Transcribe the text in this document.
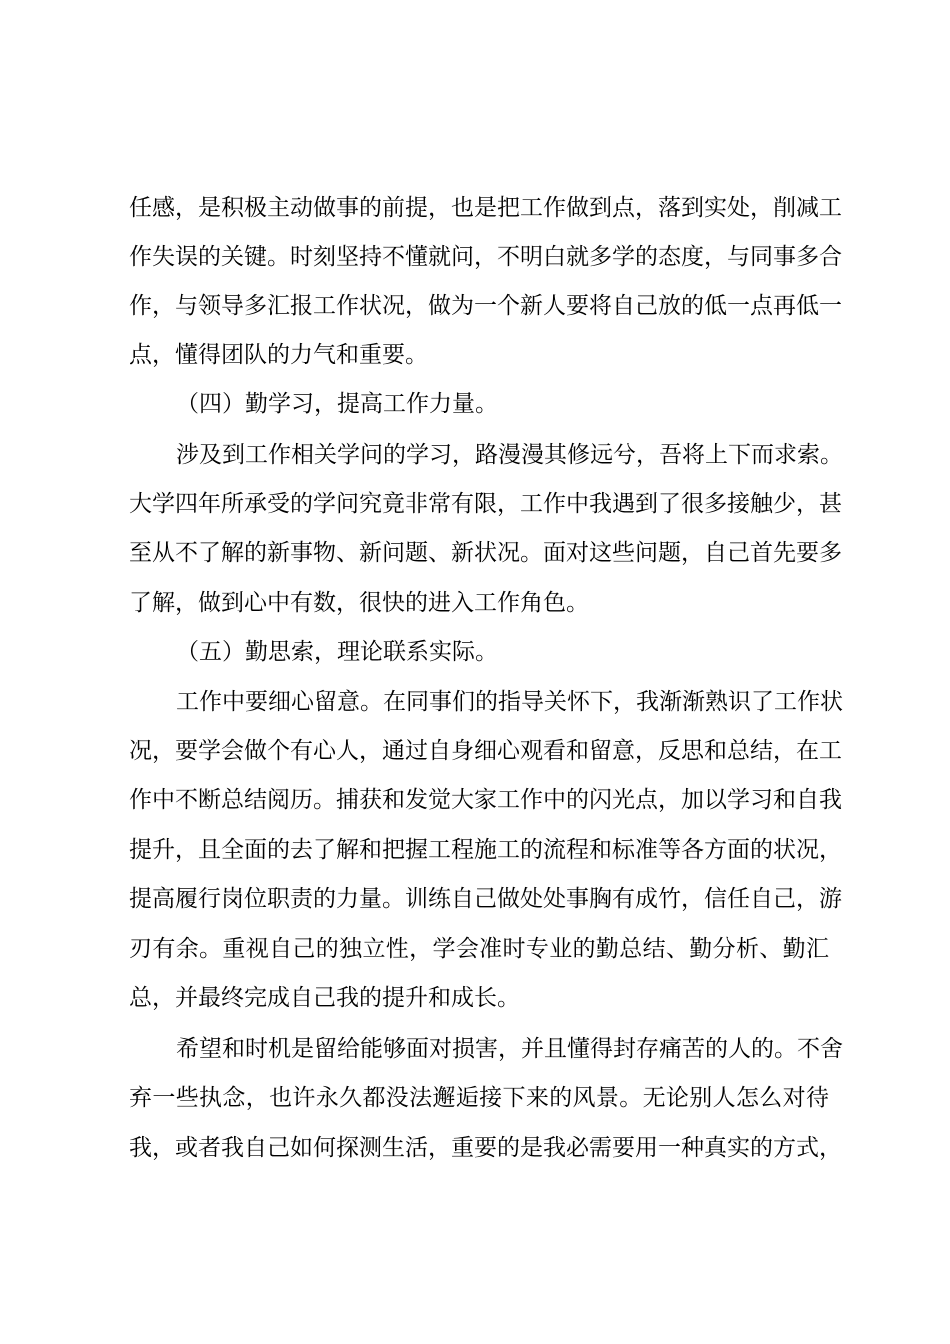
任感，是积极主动做事的前提，也是把工作做到点，落到实处，削减工
作失误的关键。时刻坚持不懂就问，不明白就多学的态度，与同事多合
作，与领导多汇报工作状况，做为一个新人要将自己放的低一点再低一
点，懂得团队的力气和重要。
（四）勤学习，提高工作力量。
涉及到工作相关学问的学习，路漫漫其修远兮，吾将上下而求索。
大学四年所承受的学问究竟非常有限，工作中我遇到了很多接触少，甚
至从不了解的新事物、新问题、新状况。面对这些问题，自己首先要多
了解，做到心中有数，很快的进入工作角色。
（五）勤思索，理论联系实际。
工作中要细心留意。在同事们的指导关怀下，我渐渐熟识了工作状
况，要学会做个有心人，通过自身细心观看和留意，反思和总结，在工
作中不断总结阅历。捕获和发觉大家工作中的闪光点，加以学习和自我
提升，且全面的去了解和把握工程施工的流程和标准等各方面的状况，
提高履行岗位职责的力量。训练自己做处处事胸有成竹，信任自己，游
刃有余。重视自己的独立性，学会准时专业的勤总结、勤分析、勤汇
总，并最终完成自己我的提升和成长。
希望和时机是留给能够面对损害，并且懂得封存痛苦的人的。不舍
弃一些执念，也许永久都没法邂逅接下来的风景。无论别人怎么对待
我，或者我自己如何探测生活，重要的是我必需要用一种真实的方式，
